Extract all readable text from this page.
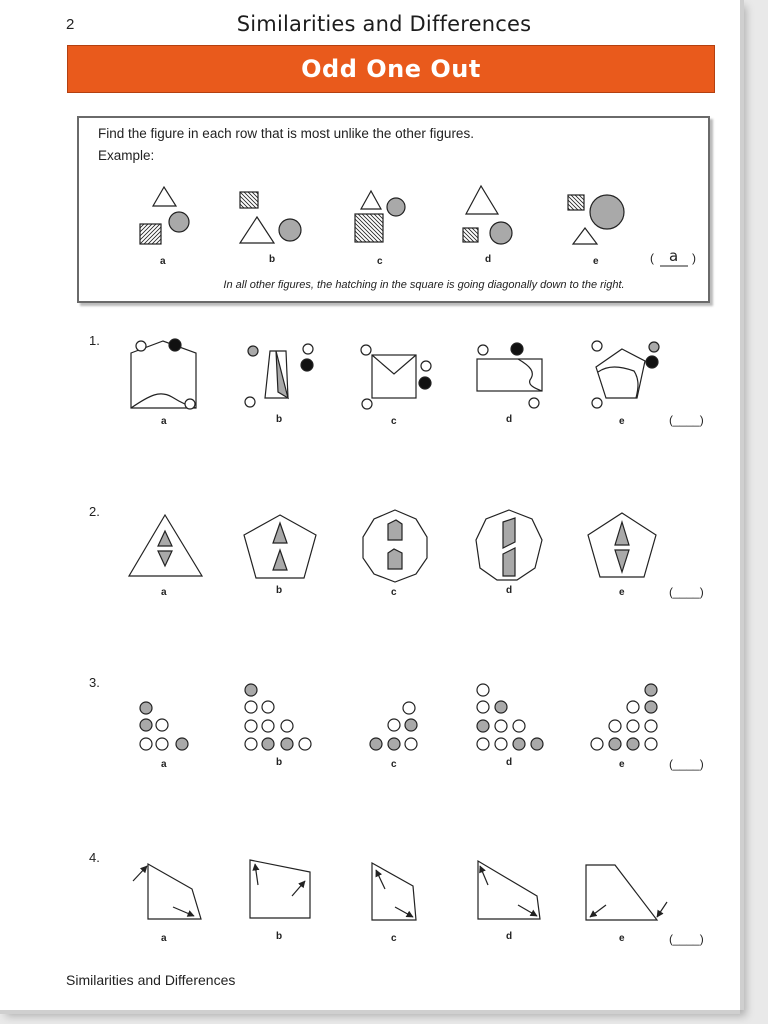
2	Similarities and Differences
Odd One Out
Find the figure in each row that is most unlike the other figures.
Example:
In all other figures, the hatching in the square is going diagonally down to the right.
1.
2.
3.
4.
Similarities and Differences
a	b	c	d	e	( a )
a	b	c	d	e	(____)
a	b	c	d	e	(____)
a	b	c	d	e	(____)
a	b	c	d	e	(____)
